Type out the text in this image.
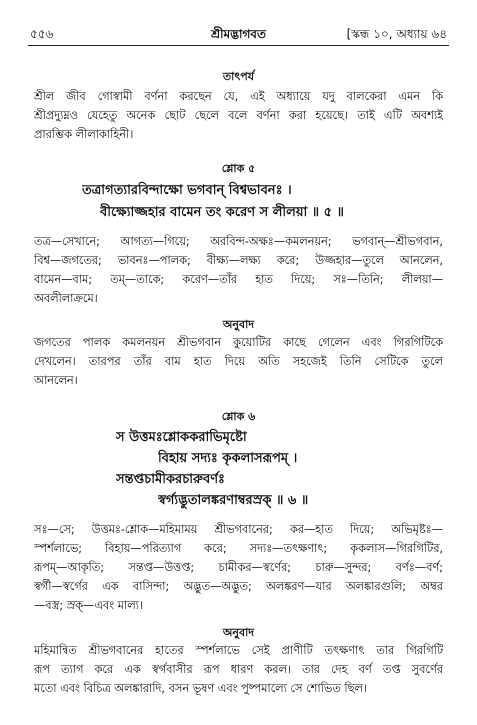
শ্রীমদ্ভাগবত
৫৫৬	[স্কন্ধ ১০, অধ্যায় ৬৪
তাৎপর্য
শ্রীল জীব গোস্বামী বর্ণনা করছেন যে, এই অধ্যায়ে যদু বালকেরা এমন কি
শ্রীপ্রদ্যুম্নও যেহেতু অনেক ছোট ছেলে বলে বর্ণনা করা হয়েছে। তাই এটি অবশ্যই
প্রারম্ভিক লীলাকাহিনী।
শ্লোক ৫
তত্রাগত্যারবিন্দাক্ষো ভগবান্ বিশ্বভাবনঃ ।
বীক্ষ্যোজ্জহার বামেন তং করেণ স লীলয়া ॥ ৫ ॥
তত্র—সেখানে; আগত্য—গিয়ে; অরবিন্দ-অক্ষঃ—কমলনয়ন; ভগবান্—শ্রীভগবান,
বিশ্ব—জগতের; ভাবনঃ—পালক; বীক্ষ্য—লক্ষ্য করে; উজ্জহার—তুলে আনলেন,
বামেন—বাম; তম্—তাকে; করেণ—তাঁর হাত দিয়ে; সঃ—তিনি; লীলয়া—
অবলীলাক্রমে।
অনুবাদ
জগতের পালক কমলনয়ন শ্রীভগবান কুয়োটির কাছে গেলেন এবং গিরগিটিকে
দেখলেন। তারপর তাঁর বাম হাত দিয়ে অতি সহজেই তিনি সেটিকে তুলে
আনলেন।
শ্লোক ৬
স উত্তমঃশ্লোককরাভিমৃষ্টো
বিহায় সদ্যঃ কৃকলাসরূপম্ ।
সন্তপ্তচামীকরচারুবর্ণঃ
স্বর্গ্যদ্ভুতালঙ্করণাম্বরস্রক্ ॥ ৬ ॥
সঃ—সে; উত্তমঃ-শ্লোক—মহিমাময় শ্রীভগবানের; কর—হাত দিয়ে; অভিমৃষ্টঃ—
স্পর্শলাভে; বিহায়—পরিত্যাগ করে; সদ্যঃ—তৎক্ষণাৎ; কৃকলাস—গিরগিটির,
রূপম্—আকৃতি; সন্তপ্ত—উত্তপ্ত; চামীকর—স্বর্ণের; চারু—সুন্দর; বর্ণঃ—বর্ণ;
স্বর্গী—স্বর্গের এক বাসিন্দা; অদ্ভুত—অদ্ভুত; অলঙ্করণ—যার অলঙ্কারগুলি; অম্বর
—বস্ত্র; স্রক্—এবং মাল্য।
অনুবাদ
মহিমান্বিত শ্রীভগবানের হাতের স্পর্শলাভে সেই প্রাণীটি তৎক্ষণাৎ তার গিরগিটি
রূপ ত্যাগ করে এক স্বর্গবাসীর রূপ ধারণ করল। তার দেহ বর্ণ তপ্ত সুবর্ণের
মতো এবং বিচিত্র অলঙ্কারাদি, বসন ভূষণ এবং পুষ্পমাল্যে সে শোভিত ছিল।
